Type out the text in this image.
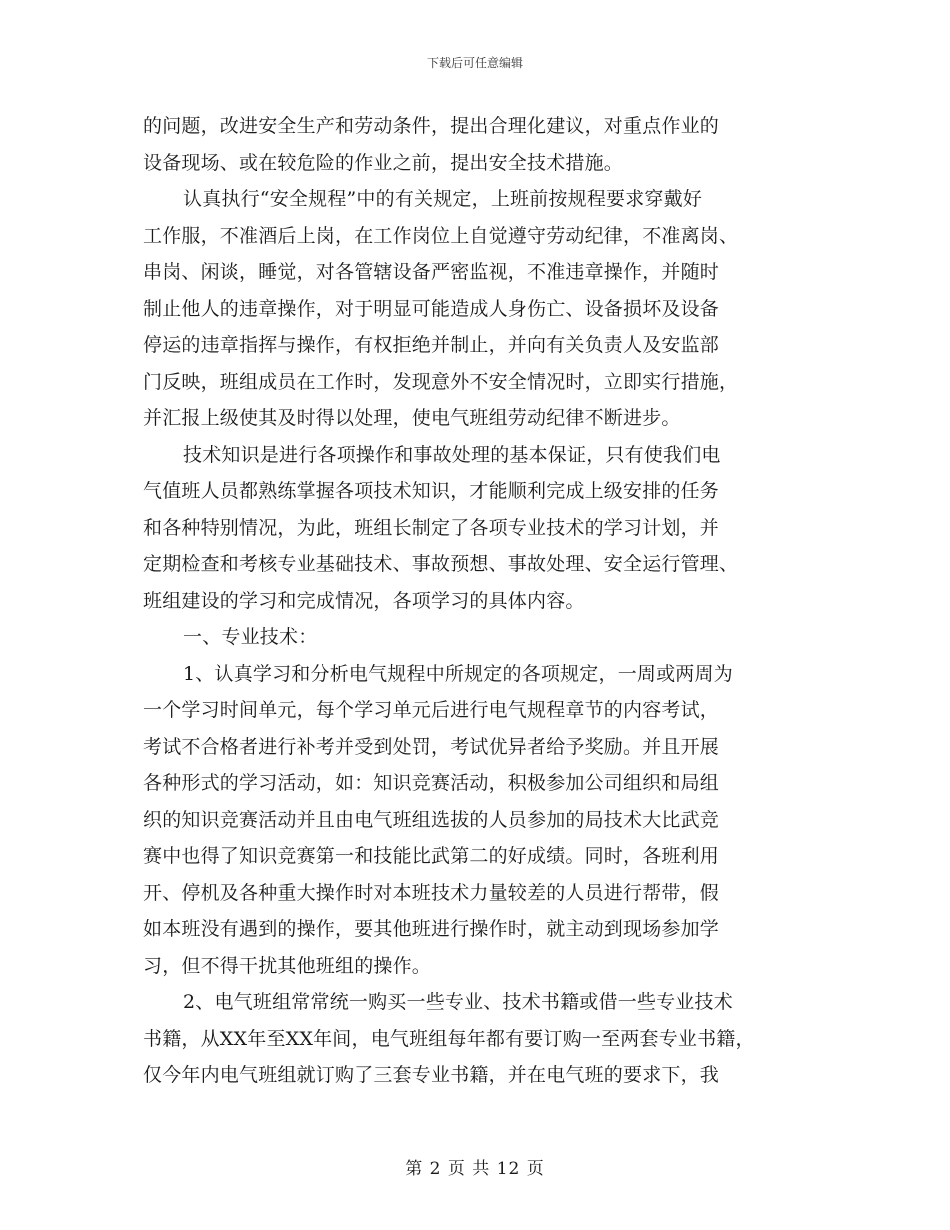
下载后可任意编辑
的问题，改进安全生产和劳动条件，提出合理化建议，对重点作业的
设备现场、或在较危险的作业之前，提出安全技术措施。
认真执行“安全规程”中的有关规定，上班前按规程要求穿戴好
工作服，不准酒后上岗，在工作岗位上自觉遵守劳动纪律，不准离岗、
串岗、闲谈，睡觉，对各管辖设备严密监视，不准违章操作，并随时
制止他人的违章操作，对于明显可能造成人身伤亡、设备损坏及设备
停运的违章指挥与操作，有权拒绝并制止，并向有关负责人及安监部
门反映，班组成员在工作时，发现意外不安全情况时，立即实行措施，
并汇报上级使其及时得以处理，使电气班组劳动纪律不断进步。
技术知识是进行各项操作和事故处理的基本保证，只有使我们电
气值班人员都熟练掌握各项技术知识，才能顺利完成上级安排的任务
和各种特别情况，为此，班组长制定了各项专业技术的学习计划，并
定期检查和考核专业基础技术、事故预想、事故处理、安全运行管理、
班组建设的学习和完成情况，各项学习的具体内容。
一、专业技术：
1、认真学习和分析电气规程中所规定的各项规定，一周或两周为
一个学习时间单元，每个学习单元后进行电气规程章节的内容考试，
考试不合格者进行补考并受到处罚，考试优异者给予奖励。并且开展
各种形式的学习活动，如：知识竞赛活动，积极参加公司组织和局组
织的知识竞赛活动并且由电气班组选拔的人员参加的局技术大比武竞
赛中也得了知识竞赛第一和技能比武第二的好成绩。同时，各班利用
开、停机及各种重大操作时对本班技术力量较差的人员进行帮带，假
如本班没有遇到的操作，要其他班进行操作时，就主动到现场参加学
习，但不得干扰其他班组的操作。
2、电气班组常常统一购买一些专业、技术书籍或借一些专业技术
书籍，从XX年至XX年间，电气班组每年都有要订购一至两套专业书籍，
仅今年内电气班组就订购了三套专业书籍，并在电气班的要求下，我
第 2 页 共 12 页
